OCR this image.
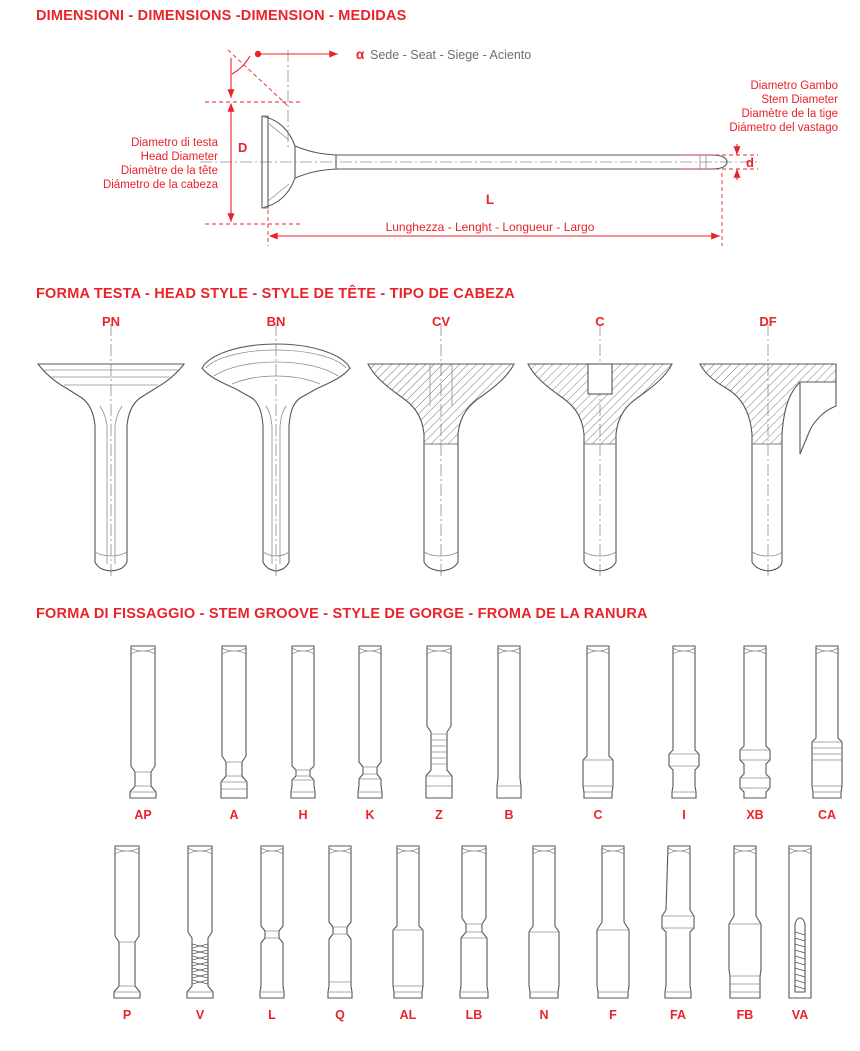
DIMENSIONI - DIMENSIONS -DIMENSION - MEDIDAS
α Sede - Seat - Siege - Aciento
D
Diametro di testa
Head Diameter
Diamètre de la tête
Diámetro de la cabeza
d
Diametro Gambo
Stem Diameter
Diamètre de la tige
Diámetro del vastago
L
Lunghezza - Lenght - Longueur - Largo
FORMA TESTA - HEAD STYLE - STYLE DE TÊTE - TIPO DE CABEZA
PN	BN	CV	C	DF
FORMA DI FISSAGGIO - STEM GROOVE - STYLE DE GORGE - FROMA DE LA RANURA
AP	A	H	K	Z	B	C	I	XB	CA
P	V	L	Q	AL	LB	N	F	FA	FB	VA
